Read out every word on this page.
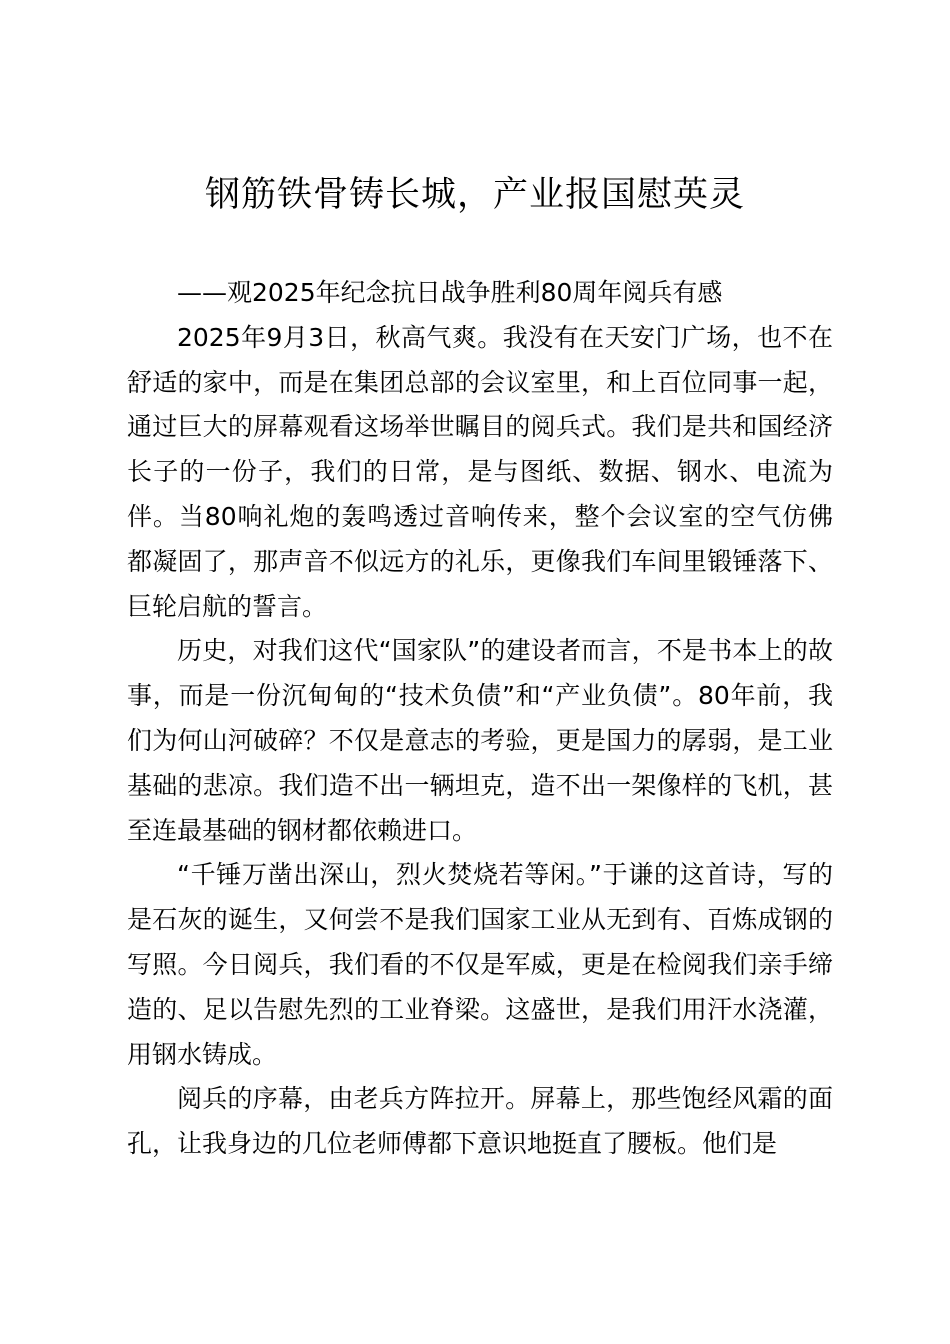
钢筋铁骨铸长城，产业报国慰英灵

——观2025年纪念抗日战争胜利80周年阅兵有感

2025年9月3日，秋高气爽。我没有在天安门广场，也不在舒适的家中，而是在集团总部的会议室里，和上百位同事一起，通过巨大的屏幕观看这场举世瞩目的阅兵式。我们是共和国经济长子的一份子，我们的日常，是与图纸、数据、钢水、电流为伴。当80响礼炮的轰鸣透过音响传来，整个会议室的空气仿佛都凝固了，那声音不似远方的礼乐，更像我们车间里锻锤落下、巨轮启航的誓言。

历史，对我们这代“国家队”的建设者而言，不是书本上的故事，而是一份沉甸甸的“技术负债”和“产业负债”。80年前，我们为何山河破碎？不仅是意志的考验，更是国力的孱弱，是工业基础的悲凉。我们造不出一辆坦克，造不出一架像样的飞机，甚至连最基础的钢材都依赖进口。

“千锤万凿出深山，烈火焚烧若等闲。”于谦的这首诗，写的是石灰的诞生，又何尝不是我们国家工业从无到有、百炼成钢的写照。今日阅兵，我们看的不仅是军威，更是在检阅我们亲手缔造的、足以告慰先烈的工业脊梁。这盛世，是我们用汗水浇灌，用钢水铸成。

阅兵的序幕，由老兵方阵拉开。屏幕上，那些饱经风霜的面孔，让我身边的几位老师傅都下意识地挺直了腰板。他们是
